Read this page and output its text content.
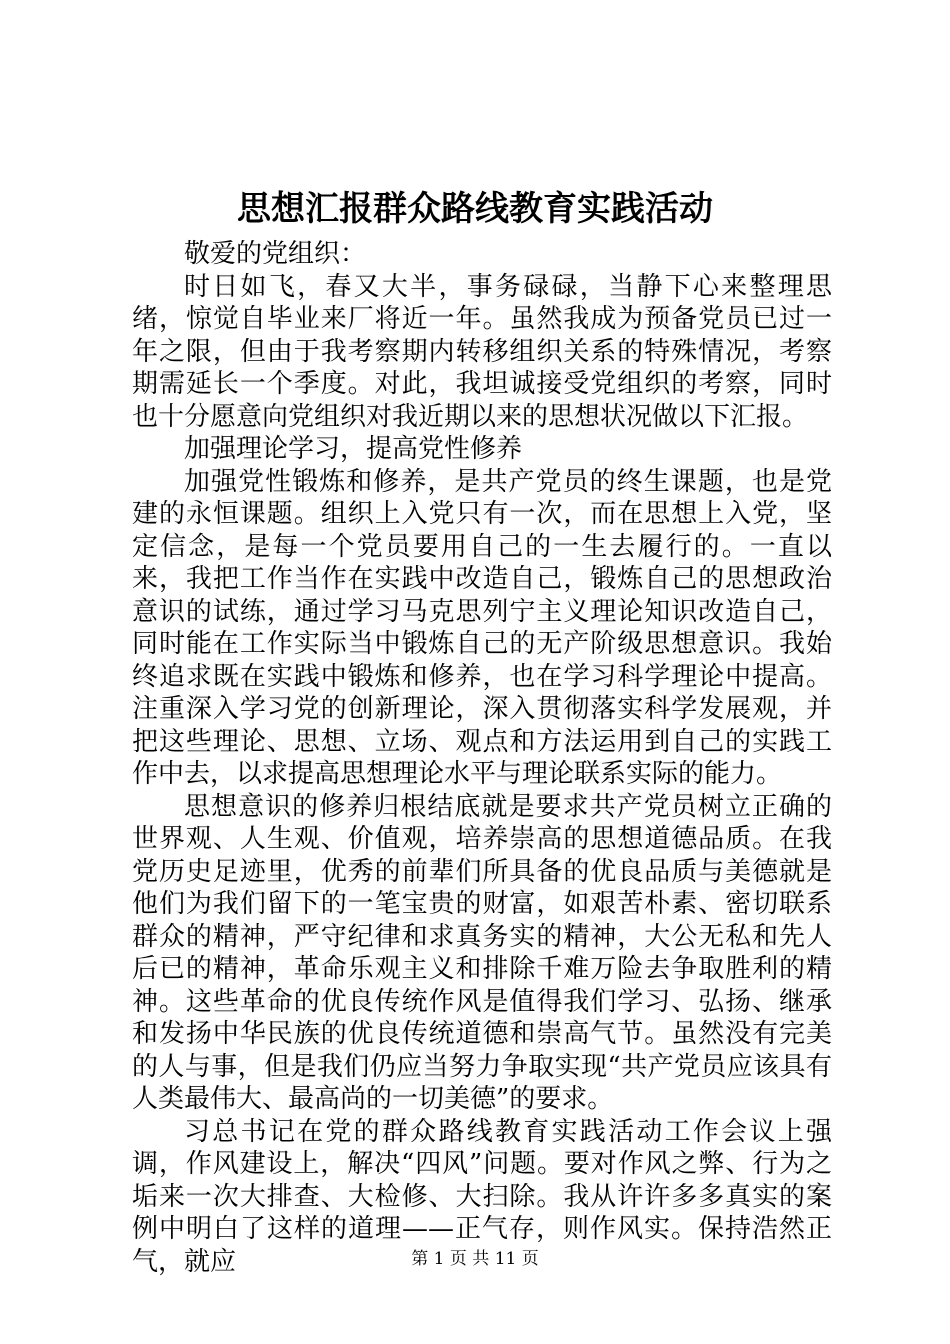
思想汇报群众路线教育实践活动

敬爱的党组织：

时日如飞，春又大半，事务碌碌，当静下心来整理思绪，惊觉自毕业来厂将近一年。虽然我成为预备党员已过一年之限，但由于我考察期内转移组织关系的特殊情况，考察期需延长一个季度。对此，我坦诚接受党组织的考察，同时也十分愿意向党组织对我近期以来的思想状况做以下汇报。

加强理论学习，提高党性修养

加强党性锻炼和修养，是共产党员的终生课题，也是党建的永恒课题。组织上入党只有一次，而在思想上入党，坚定信念，是每一个党员要用自己的一生去履行的。一直以来，我把工作当作在实践中改造自己，锻炼自己的思想政治意识的试练，通过学习马克思列宁主义理论知识改造自己，同时能在工作实际当中锻炼自己的无产阶级思想意识。我始终追求既在实践中锻炼和修养，也在学习科学理论中提高。注重深入学习党的创新理论，深入贯彻落实科学发展观，并把这些理论、思想、立场、观点和方法运用到自己的实践工作中去，以求提高思想理论水平与理论联系实际的能力。

思想意识的修养归根结底就是要求共产党员树立正确的世界观、人生观、价值观，培养崇高的思想道德品质。在我党历史足迹里，优秀的前辈们所具备的优良品质与美德就是他们为我们留下的一笔宝贵的财富，如艰苦朴素、密切联系群众的精神，严守纪律和求真务实的精神，大公无私和先人后已的精神，革命乐观主义和排除千难万险去争取胜利的精神。这些革命的优良传统作风是值得我们学习、弘扬、继承和发扬中华民族的优良传统道德和崇高气节。虽然没有完美的人与事，但是我们仍应当努力争取实现“共产党员应该具有人类最伟大、最高尚的一切美德”的要求。

习总书记在党的群众路线教育实践活动工作会议上强调，作风建设上，解决“四风”问题。要对作风之弊、行为之垢来一次大排查、大检修、大扫除。我从许许多多真实的案例中明白了这样的道理——正气存，则作风实。保持浩然正气，就应	第 1 页 共 11 页
